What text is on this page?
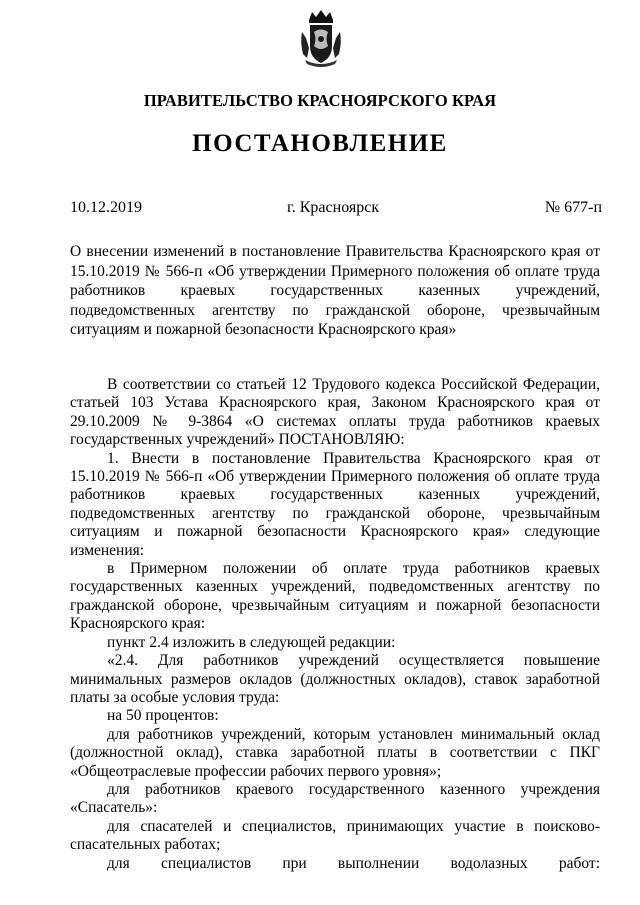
ПРАВИТЕЛЬСТВО КРАСНОЯРСКОГО КРАЯ
ПОСТАНОВЛЕНИЕ
10.12.2019	г. Красноярск	№ 677-п
О внесении изменений в постановление Правительства Красноярского края от 15.10.2019 № 566-п «Об утверждении Примерного положения об оплате труда работников краевых государственных казенных учреждений, подведомственных агентству по гражданской обороне, чрезвычайным ситуациям и пожарной безопасности Красноярского края»

В соответствии со статьей 12 Трудового кодекса Российской Федерации, статьей 103 Устава Красноярского края, Законом Красноярского края от 29.10.2009 № 9-3864 «О системах оплаты труда работников краевых государственных учреждений» ПОСТАНОВЛЯЮ:

1. Внести в постановление Правительства Красноярского края от 15.10.2019 № 566-п «Об утверждении Примерного положения об оплате труда работников краевых государственных казенных учреждений, подведомственных агентству по гражданской обороне, чрезвычайным ситуациям и пожарной безопасности Красноярского края» следующие изменения:

в Примерном положении об оплате труда работников краевых государственных казенных учреждений, подведомственных агентству по гражданской обороне, чрезвычайным ситуациям и пожарной безопасности Красноярского края:

пункт 2.4 изложить в следующей редакции:

«2.4. Для работников учреждений осуществляется повышение минимальных размеров окладов (должностных окладов), ставок заработной платы за особые условия труда:

на 50 процентов:

для работников учреждений, которым установлен минимальный оклад (должностной оклад), ставка заработной платы в соответствии с ПКГ «Общеотраслевые профессии рабочих первого уровня»;

для работников краевого государственного казенного учреждения «Спасатель»:

для спасателей и специалистов, принимающих участие в поисково-спасательных работах;

для специалистов при выполнении водолазных работ:
